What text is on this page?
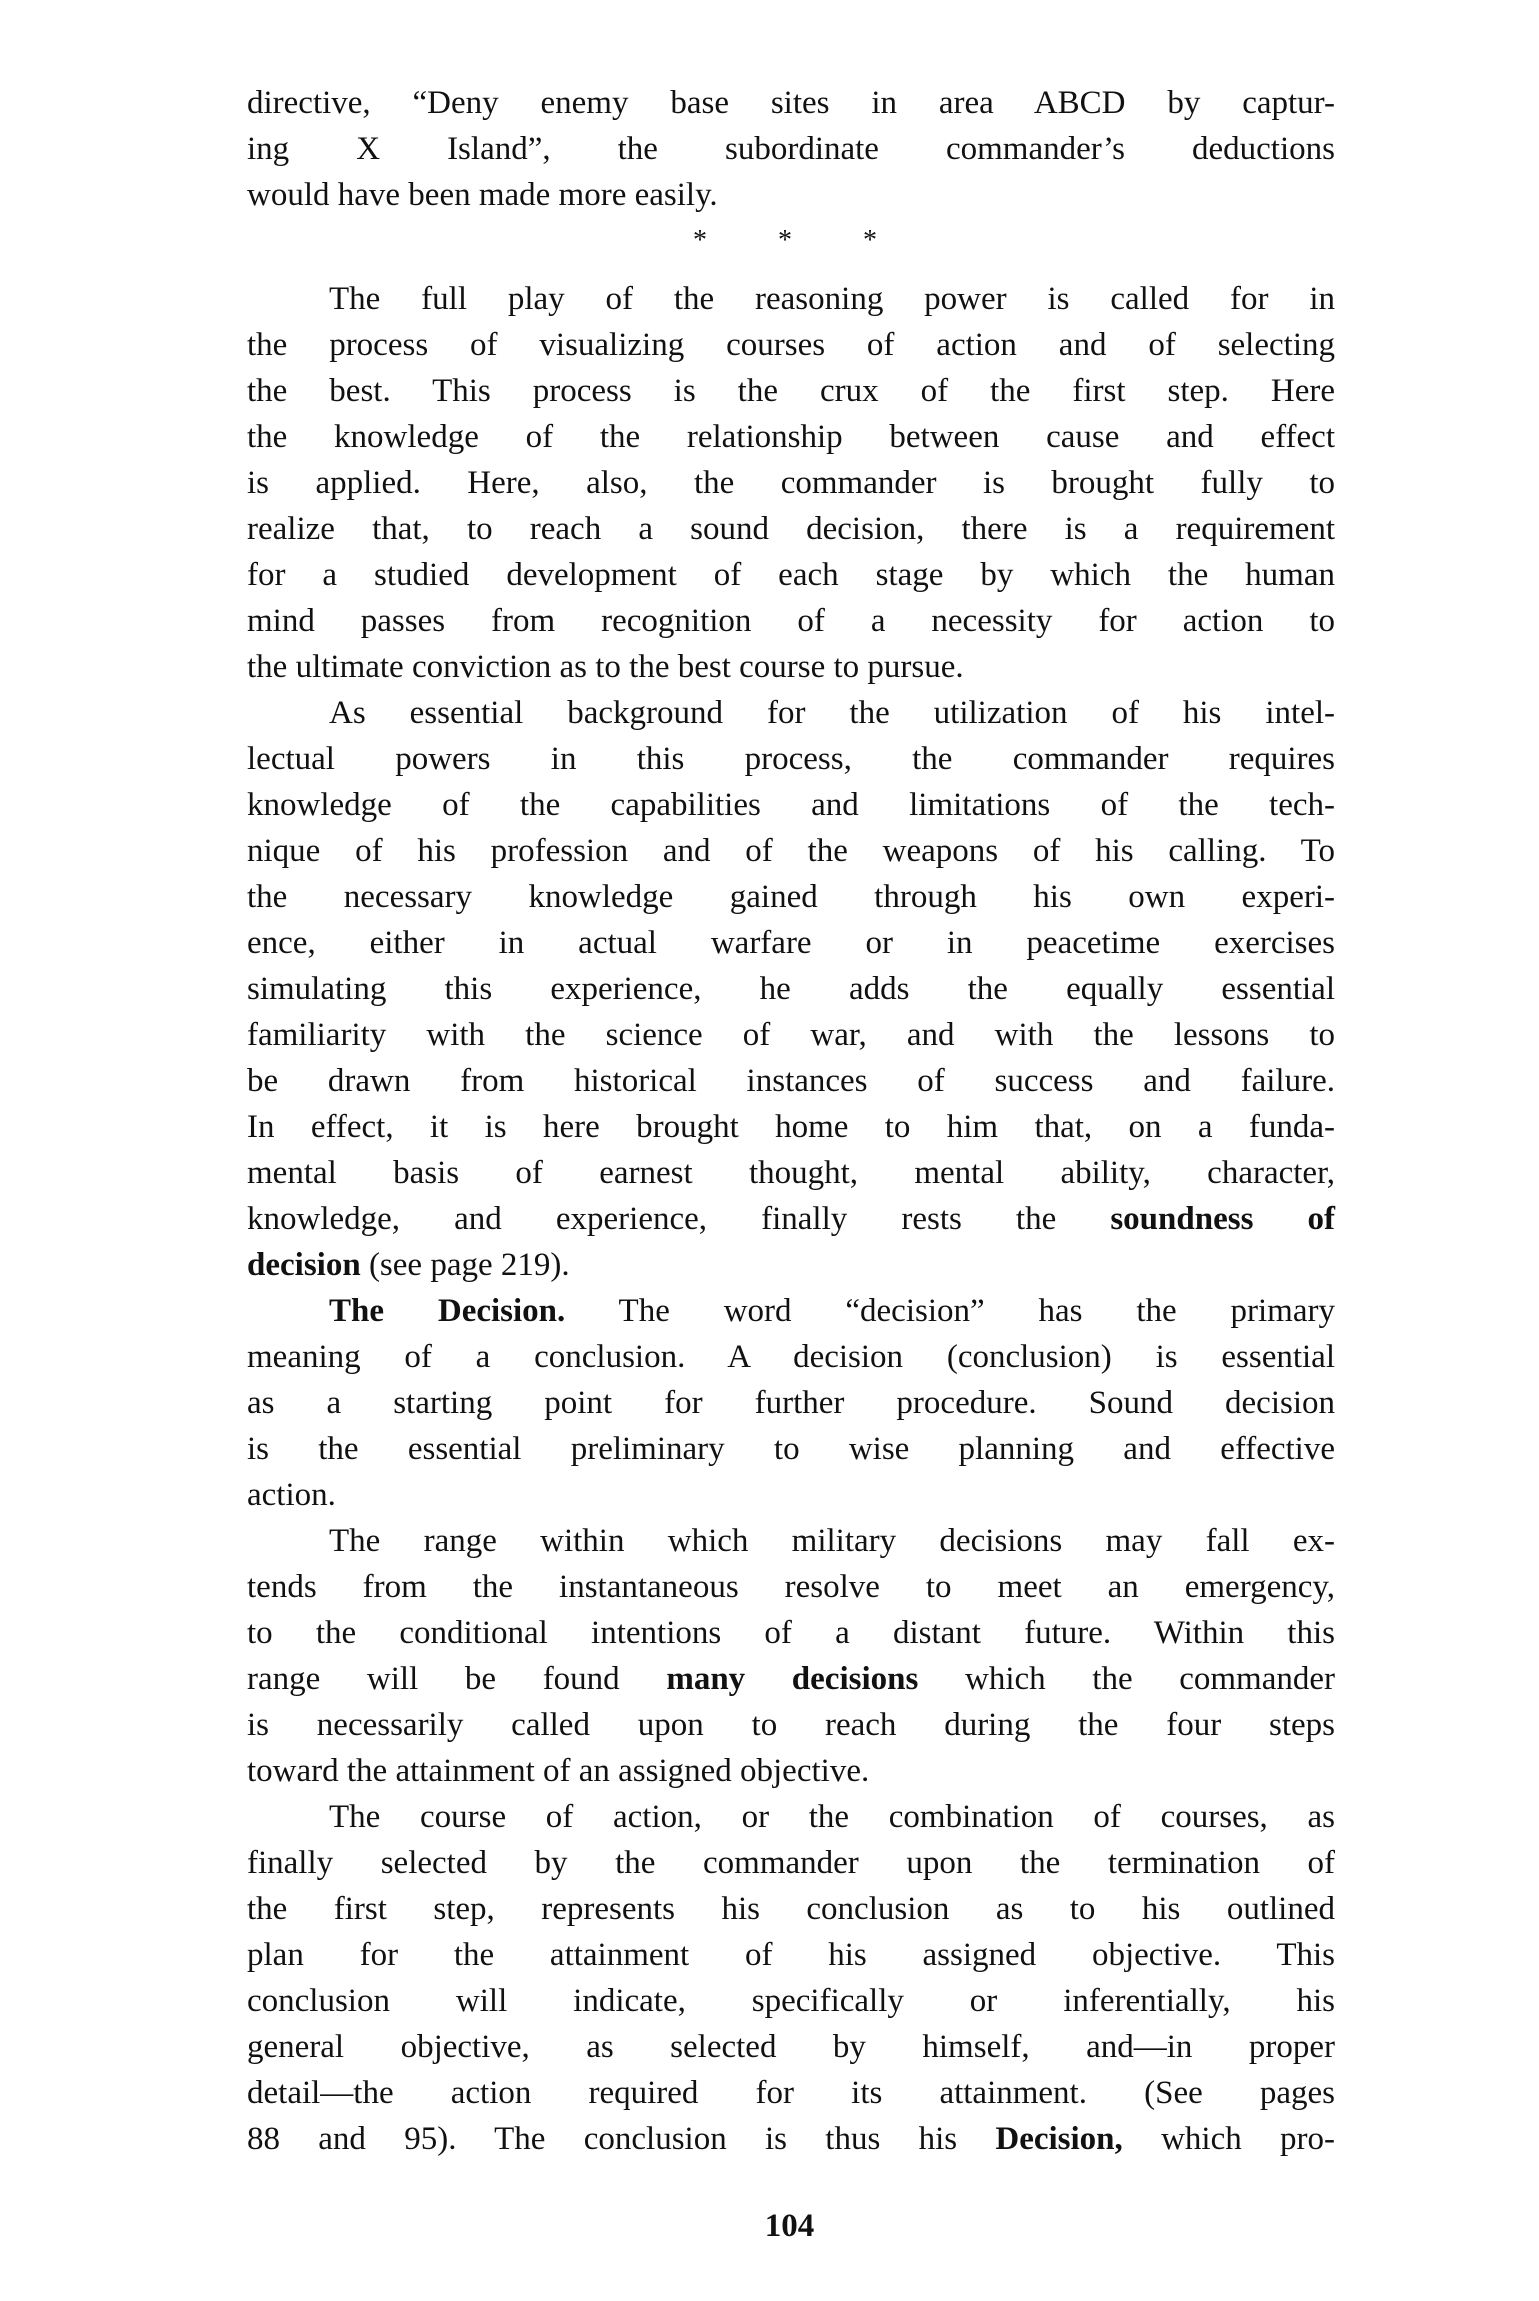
directive, “Deny enemy base sites in area ABCD by captur-
ing X Island”, the subordinate commander’s deductions
would have been made more easily.
* * *
The full play of the reasoning power is called for in
the process of visualizing courses of action and of selecting
the best. This process is the crux of the first step. Here
the knowledge of the relationship between cause and effect
is applied. Here, also, the commander is brought fully to
realize that, to reach a sound decision, there is a requirement
for a studied development of each stage by which the human
mind passes from recognition of a necessity for action to
the ultimate conviction as to the best course to pursue.
As essential background for the utilization of his intel-
lectual powers in this process, the commander requires
knowledge of the capabilities and limitations of the tech-
nique of his profession and of the weapons of his calling. To
the necessary knowledge gained through his own experi-
ence, either in actual warfare or in peacetime exercises
simulating this experience, he adds the equally essential
familiarity with the science of war, and with the lessons to
be drawn from historical instances of success and failure.
In effect, it is here brought home to him that, on a funda-
mental basis of earnest thought, mental ability, character,
knowledge, and experience, finally rests the soundness of
decision (see page 219).
The Decision. The word “decision” has the primary
meaning of a conclusion. A decision (conclusion) is essential
as a starting point for further procedure. Sound decision
is the essential preliminary to wise planning and effective
action.
The range within which military decisions may fall ex-
tends from the instantaneous resolve to meet an emergency,
to the conditional intentions of a distant future. Within this
range will be found many decisions which the commander
is necessarily called upon to reach during the four steps
toward the attainment of an assigned objective.
The course of action, or the combination of courses, as
finally selected by the commander upon the termination of
the first step, represents his conclusion as to his outlined
plan for the attainment of his assigned objective. This
conclusion will indicate, specifically or inferentially, his
general objective, as selected by himself, and—in proper
detail—the action required for its attainment. (See pages
88 and 95). The conclusion is thus his Decision, which pro-
104
